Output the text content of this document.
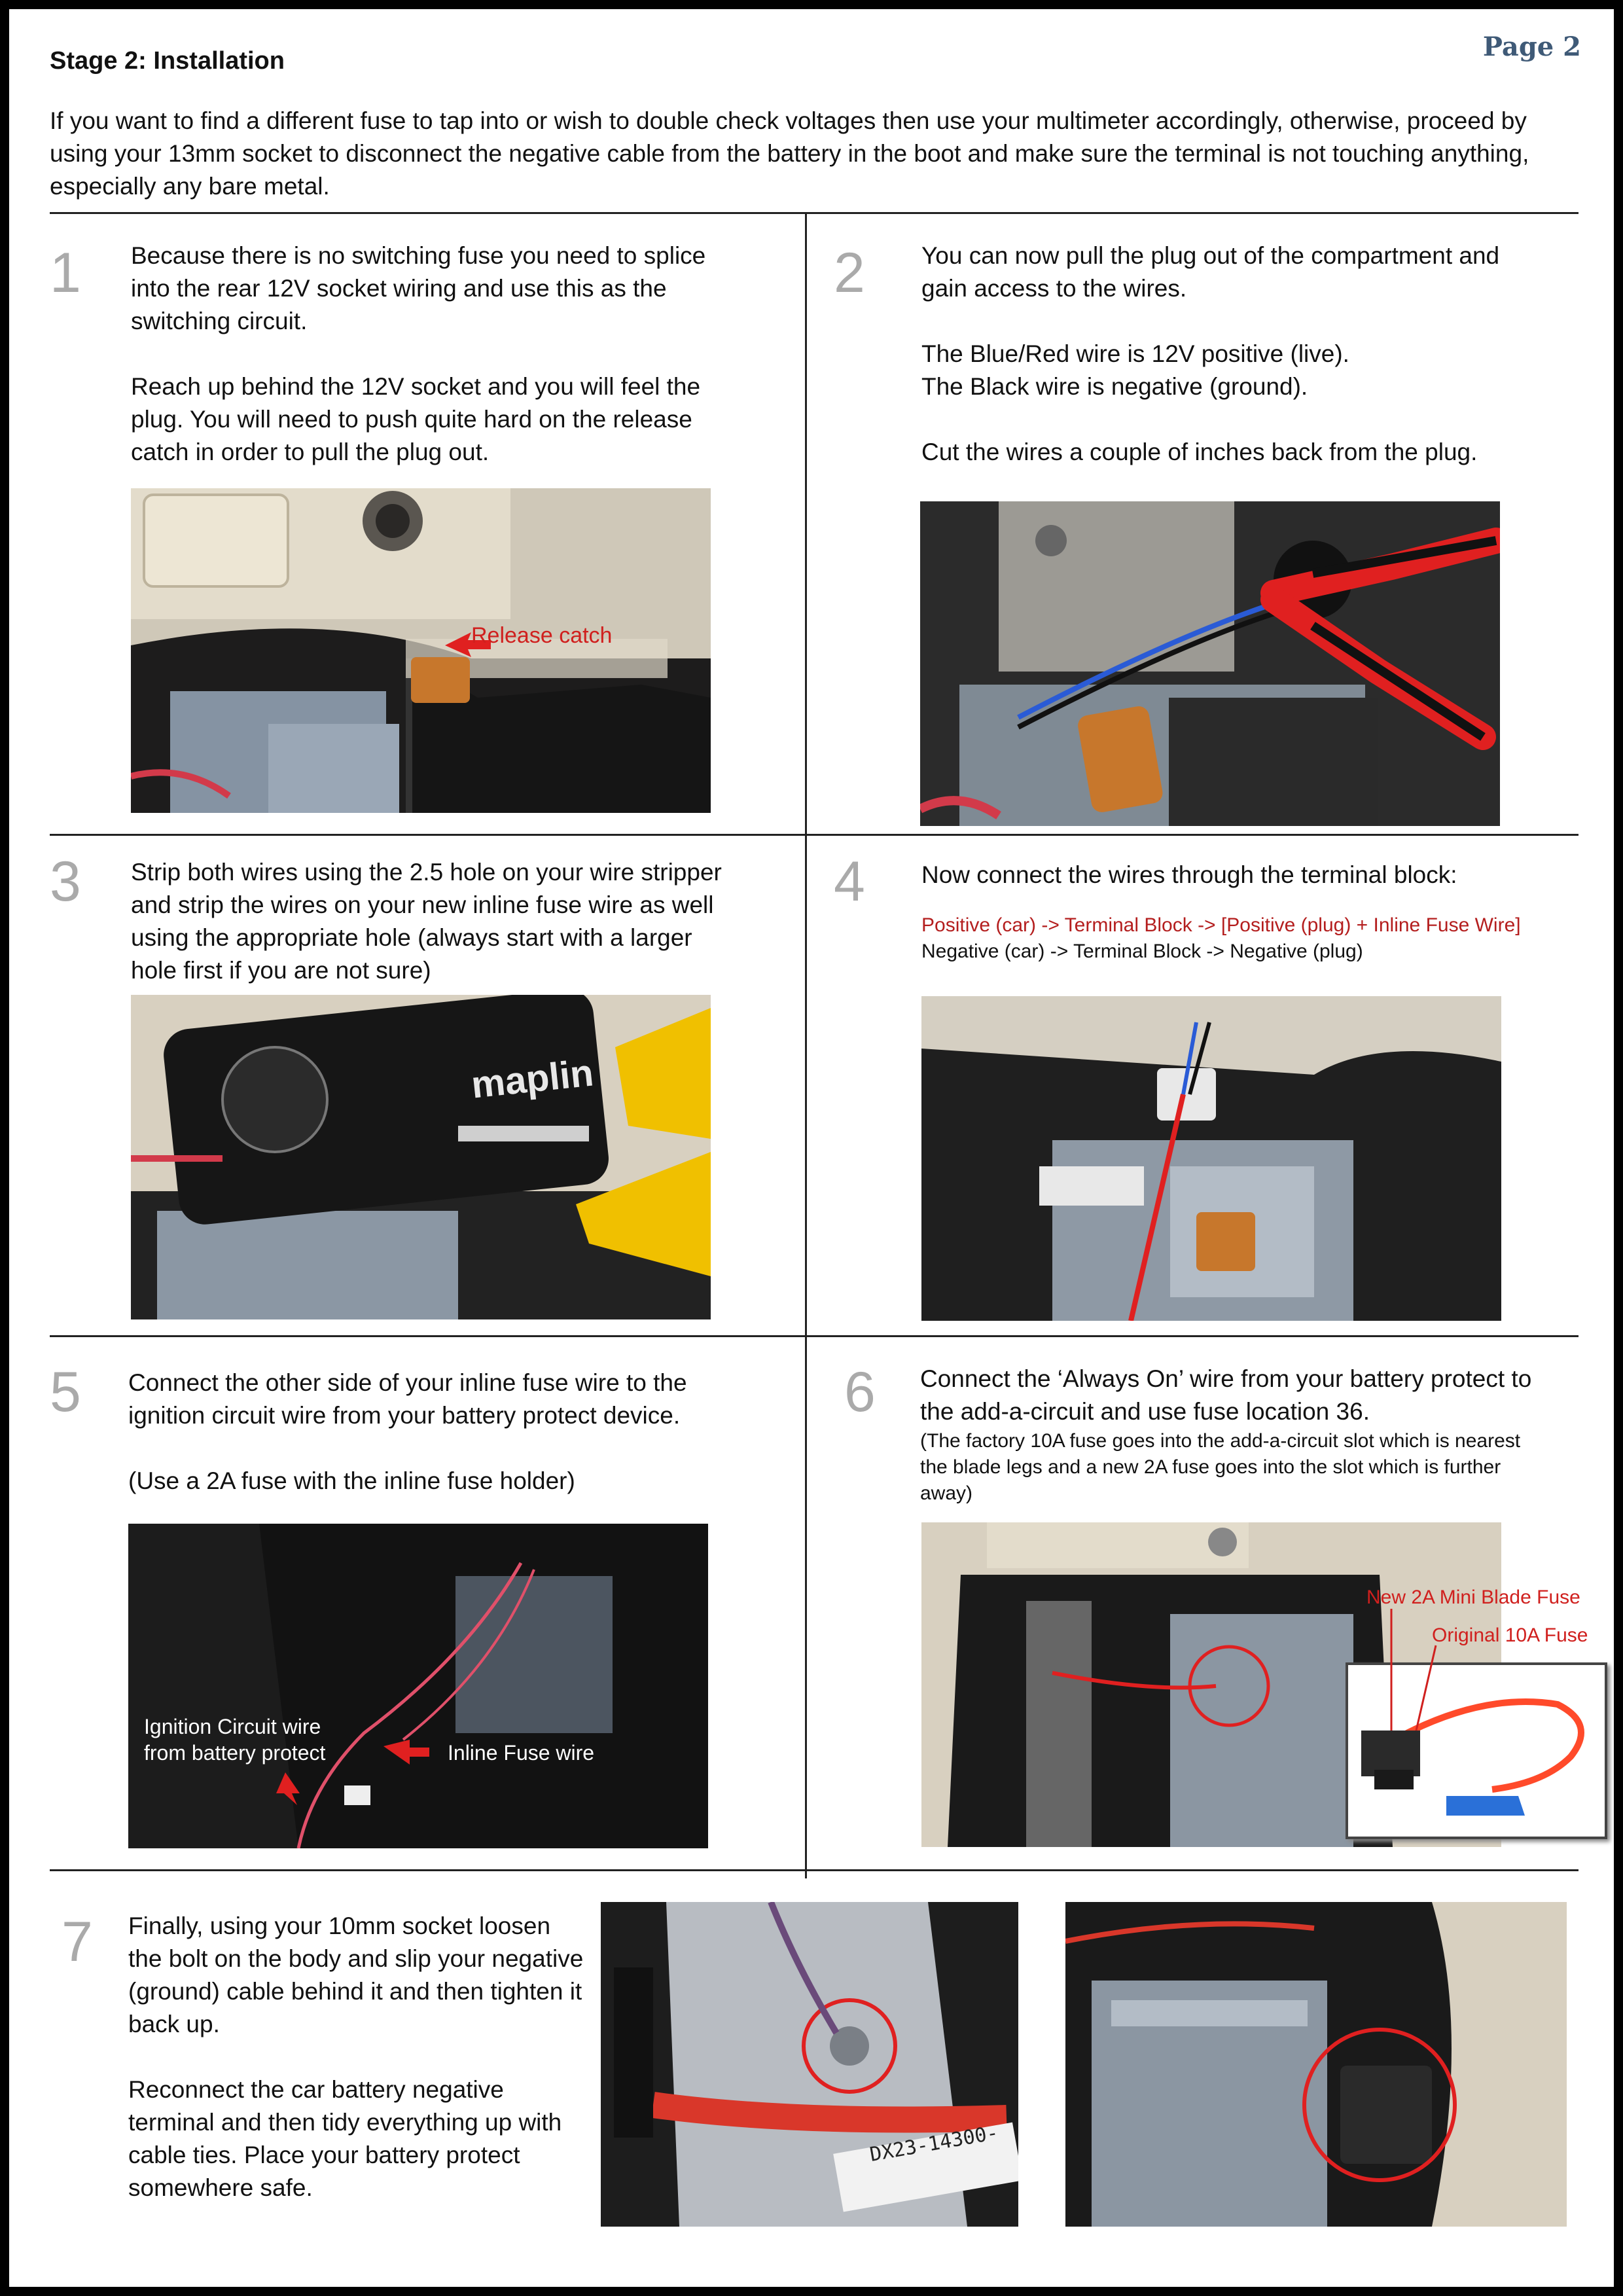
Page 2
Stage 2: Installation
If you want to find a different fuse to tap into or wish to double check voltages then use your multimeter accordingly, otherwise, proceed by using your 13mm socket to disconnect the negative cable from the battery in the boot and make sure the terminal is not touching anything, especially any bare metal.
1 Because there is no switching fuse you need to splice into the rear 12V socket wiring and use this as the switching circuit.

Reach up behind the 12V socket and you will feel the plug. You will need to push quite hard on the release catch in order to pull the plug out.

Release catch
2 You can now pull the plug out of the compartment and gain access to the wires.

The Blue/Red wire is 12V positive (live).

The Black wire is negative (ground).

Cut the wires a couple of inches back from the plug.

3 Strip both wires using the 2.5 hole on your wire stripper and strip the wires on your new inline fuse wire as well using the appropriate hole (always start with a larger hole first if you are not sure)

maplin
4 Now connect the wires through the terminal block:

Positive (car) -> Terminal Block -> [Positive (plug) + Inline Fuse Wire]

Negative (car) -> Terminal Block -> Negative (plug)

5 Connect the other side of your inline fuse wire to the ignition circuit wire from your battery protect device.

(Use a 2A fuse with the inline fuse holder)

Ignition Circuit wire
from battery protect	Inline Fuse wire
6 Connect the ‘Always On’ wire from your battery protect to the add-a-circuit and use fuse location 36.

(The factory 10A fuse goes into the add-a-circuit slot which is nearest the blade legs and a new 2A fuse goes into the slot which is further away)

New 2A Mini Blade Fuse
Original 10A Fuse
7 Finally, using your 10mm socket loosen the bolt on the body and slip your negative (ground) cable behind it and then tighten it back up.

Reconnect the car battery negative terminal and then tidy everything up with cable ties. Place your battery protect somewhere safe.

DX23-14300-
